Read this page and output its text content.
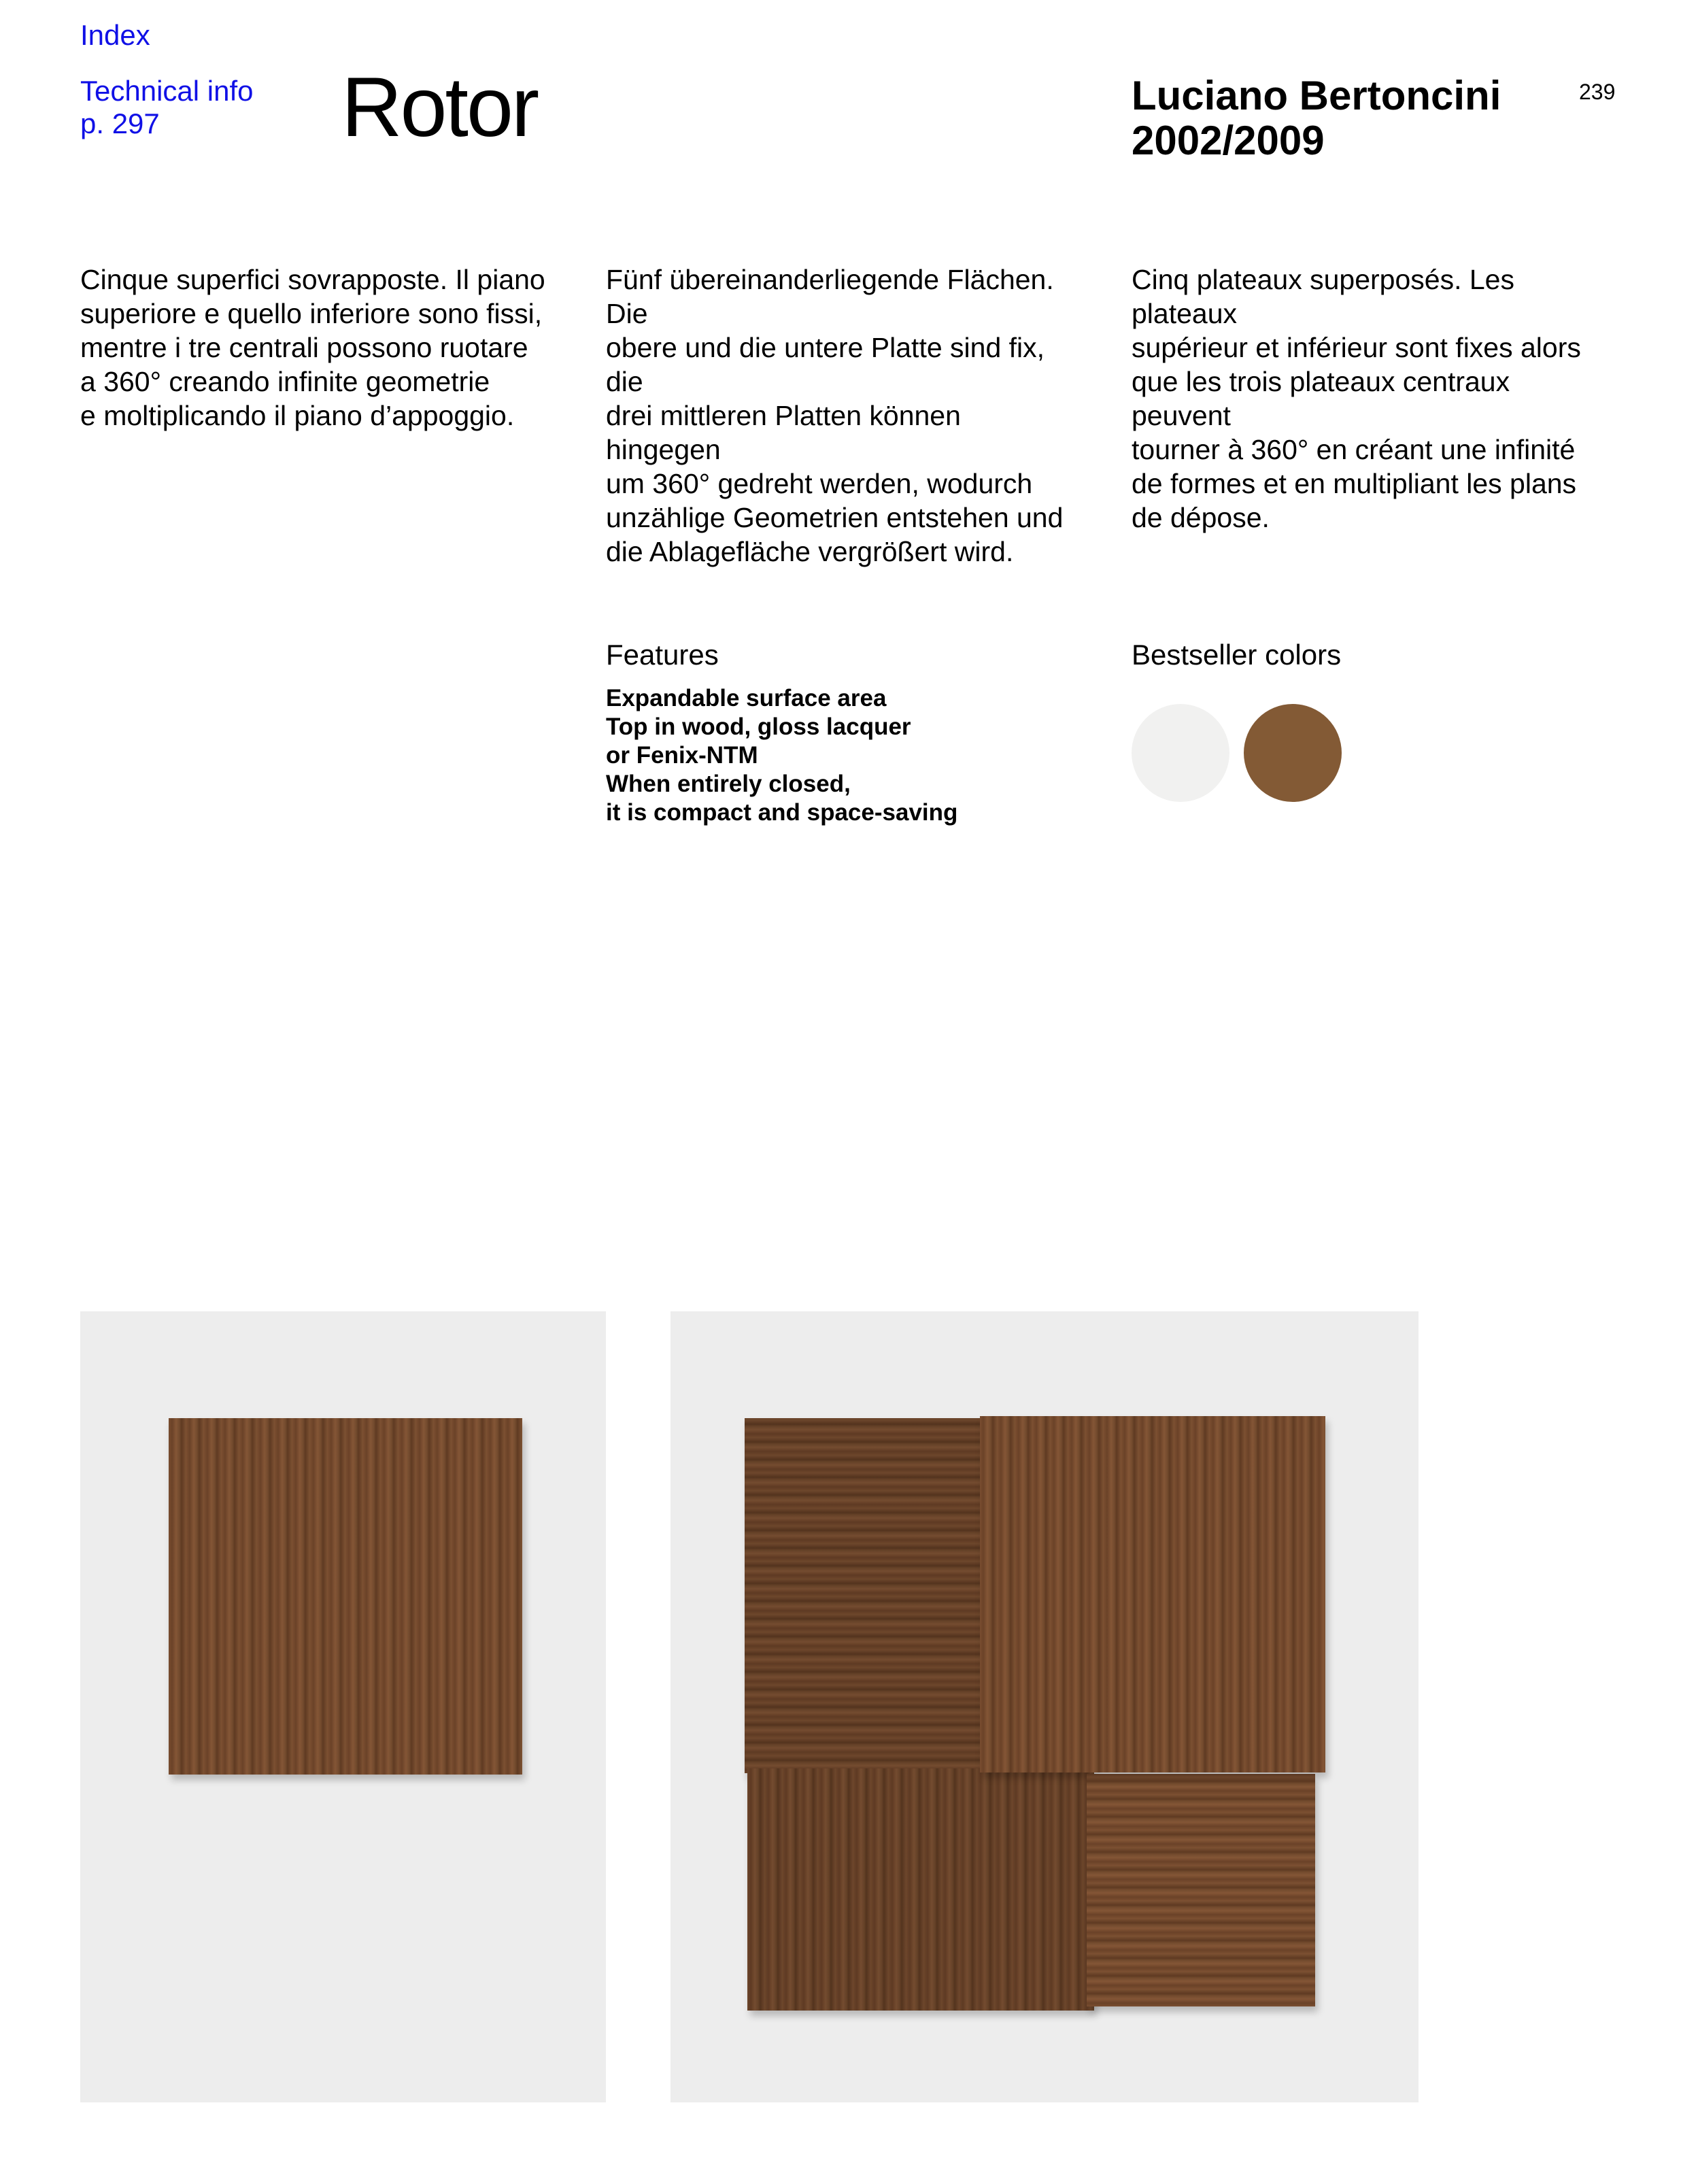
Index
Technical info
p. 297	Rotor	Luciano Bertoncini
2002/2009
239
Cinque superfici sovrapposte. Il piano
superiore e quello inferiore sono fissi,
mentre i tre centrali possono ruotare
a 360° creando infinite geometrie
e moltiplicando il piano d’appoggio.
Fünf übereinanderliegende Flächen. Die
obere und die untere Platte sind fix, die
drei mittleren Platten können hingegen
um 360° gedreht werden, wodurch
unzählige Geometrien entstehen und
die Ablagefläche vergrößert wird.
Cinq plateaux superposés. Les plateaux
supérieur et inférieur sont fixes alors
que les trois plateaux centraux peuvent
tourner à 360° en créant une infinité
de formes et en multipliant les plans
de dépose.
Features
Expandable surface area
Top in wood, gloss lacquer
or Fenix-NTM
When entirely closed,
it is compact and space-saving
Bestseller colors
